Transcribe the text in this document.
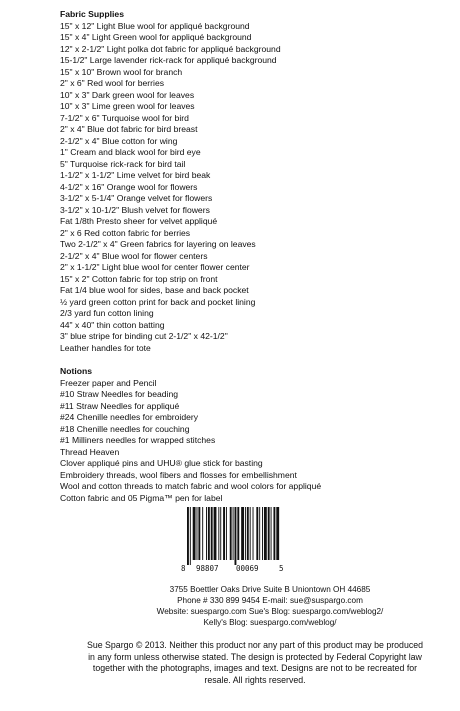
Fabric Supplies
15" x 12" Light Blue wool for appliqué background
15" x 4" Light Green wool for appliqué background
12" x 2-1/2" Light polka dot fabric for appliqué background
15-1/2" Large lavender rick-rack for appliqué background
15" x 10" Brown wool for branch
2" x 6" Red wool for berries
10" x 3" Dark green wool for leaves
10" x 3" Lime green wool for leaves
7-1/2" x 6" Turquoise wool for bird
2" x 4" Blue dot fabric for bird breast
2-1/2" x 4" Blue cotton for wing
1" Cream and black wool for bird eye
5" Turquoise rick-rack for bird tail
1-1/2" x 1-1/2" Lime velvet for bird beak
4-1/2" x 16" Orange wool for flowers
3-1/2" x 5-1/4" Orange velvet for flowers
3-1/2" x 10-1/2" Blush velvet for flowers
Fat 1/8th Presto sheer for velvet appliqué
2" x 6 Red cotton fabric for berries
Two 2-1/2" x 4" Green fabrics for layering on leaves
2-1/2" x 4" Blue wool for flower centers
2" x 1-1/2" Light blue wool for center flower center
15" x 2" Cotton fabric for top strip on front
Fat 1/4 blue wool for sides, base and back pocket
½ yard green cotton print for back and pocket lining
2/3 yard fun cotton lining
44" x 40" thin cotton batting
3" blue stripe for binding cut 2-1/2" x 42-1/2"
Leather handles for tote
Notions
Freezer paper and Pencil
#10 Straw Needles for beading
#11 Straw Needles for appliqué
#24 Chenille needles for embroidery
#18 Chenille needles for couching
#1 Milliners needles for wrapped stitches
Thread Heaven
Clover appliqué pins and UHU® glue stick for basting
Embroidery threads, wool fibers and flosses for embellishment
Wool and cotton threads to match fabric and wool colors for appliqué
Cotton fabric and 05 Pigma™ pen for label
8 98807 00069	5
3755 Boettler Oaks Drive Suite B Uniontown OH 44685
Phone # 330 899 9454 E-mail: sue@suspargo.com
Website: suespargo.com Sue's Blog: suespargo.com/weblog2/
Kelly's Blog: suespargo.com/weblog/
Sue Spargo © 2013. Neither this product nor any part of this product may be produced
in any form unless otherwise stated. The design is protected by Federal Copyright law
together with the photographs, images and text. Designs are not to be recreated for
resale. All rights reserved.
